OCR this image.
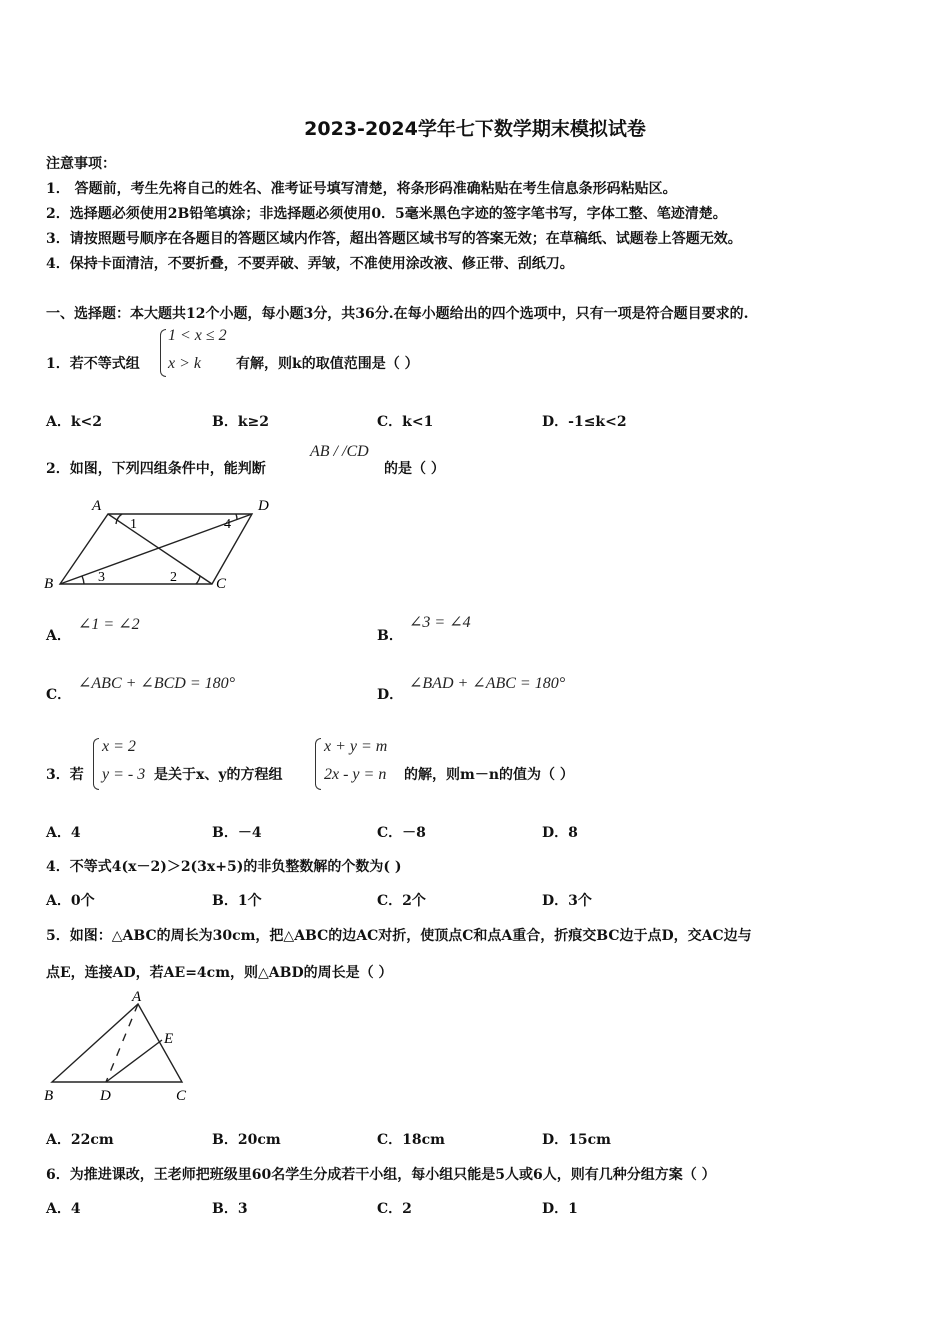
2023-2024学年七下数学期末模拟试卷
注意事项：
1． 答题前，考生先将自己的姓名、准考证号填写清楚，将条形码准确粘贴在考生信息条形码粘贴区。
2．选择题必须使用2B铅笔填涂；非选择题必须使用0．5毫米黑色字迹的签字笔书写，字体工整、笔迹清楚。
3．请按照题号顺序在各题目的答题区域内作答，超出答题区域书写的答案无效；在草稿纸、试题卷上答题无效。
4．保持卡面清洁，不要折叠，不要弄破、弄皱，不准使用涂改液、修正带、刮纸刀。
一、选择题：本大题共12个小题，每小题3分，共36分.在每小题给出的四个选项中，只有一项是符合题目要求的.
1．若不等式组
1 < x ≤ 2
x > k	有解，则k的取值范围是（ ）
A．k<2	B．k≥2	C．k<1	D．-1≤k<2
2．如图，下列四组条件中，能判断
AB / /CD
的是（ ）
A	D
B	C
1	4
3	2
A．
∠1 = ∠2
B．
∠3 = ∠4
C．
∠ABC + ∠BCD = 180°
D．
∠BAD + ∠ABC = 180°
3．若
x = 2
y = - 3 是关于x、y的方程组
x + y = m
2x - y = n 的解，则m－n的值为（ ）
A．4	B．－4	C．－8	D．8
4．不等式4(x－2)＞2(3x+5)的非负整数解的个数为( )
A．0个	B．1个	C．2个	D．3个
5．如图：△ABC的周长为30cm，把△ABC的边AC对折，使顶点C和点A重合，折痕交BC边于点D，交AC边与
点E，连接AD，若AE=4cm，则△ABD的周长是（ ）
A
B	D	C
E
A．22cm	B．20cm	C．18cm	D．15cm
6．为推进课改，王老师把班级里60名学生分成若干小组，每小组只能是5人或6人，则有几种分组方案（ ）
A．4	B．3	C．2	D．1
